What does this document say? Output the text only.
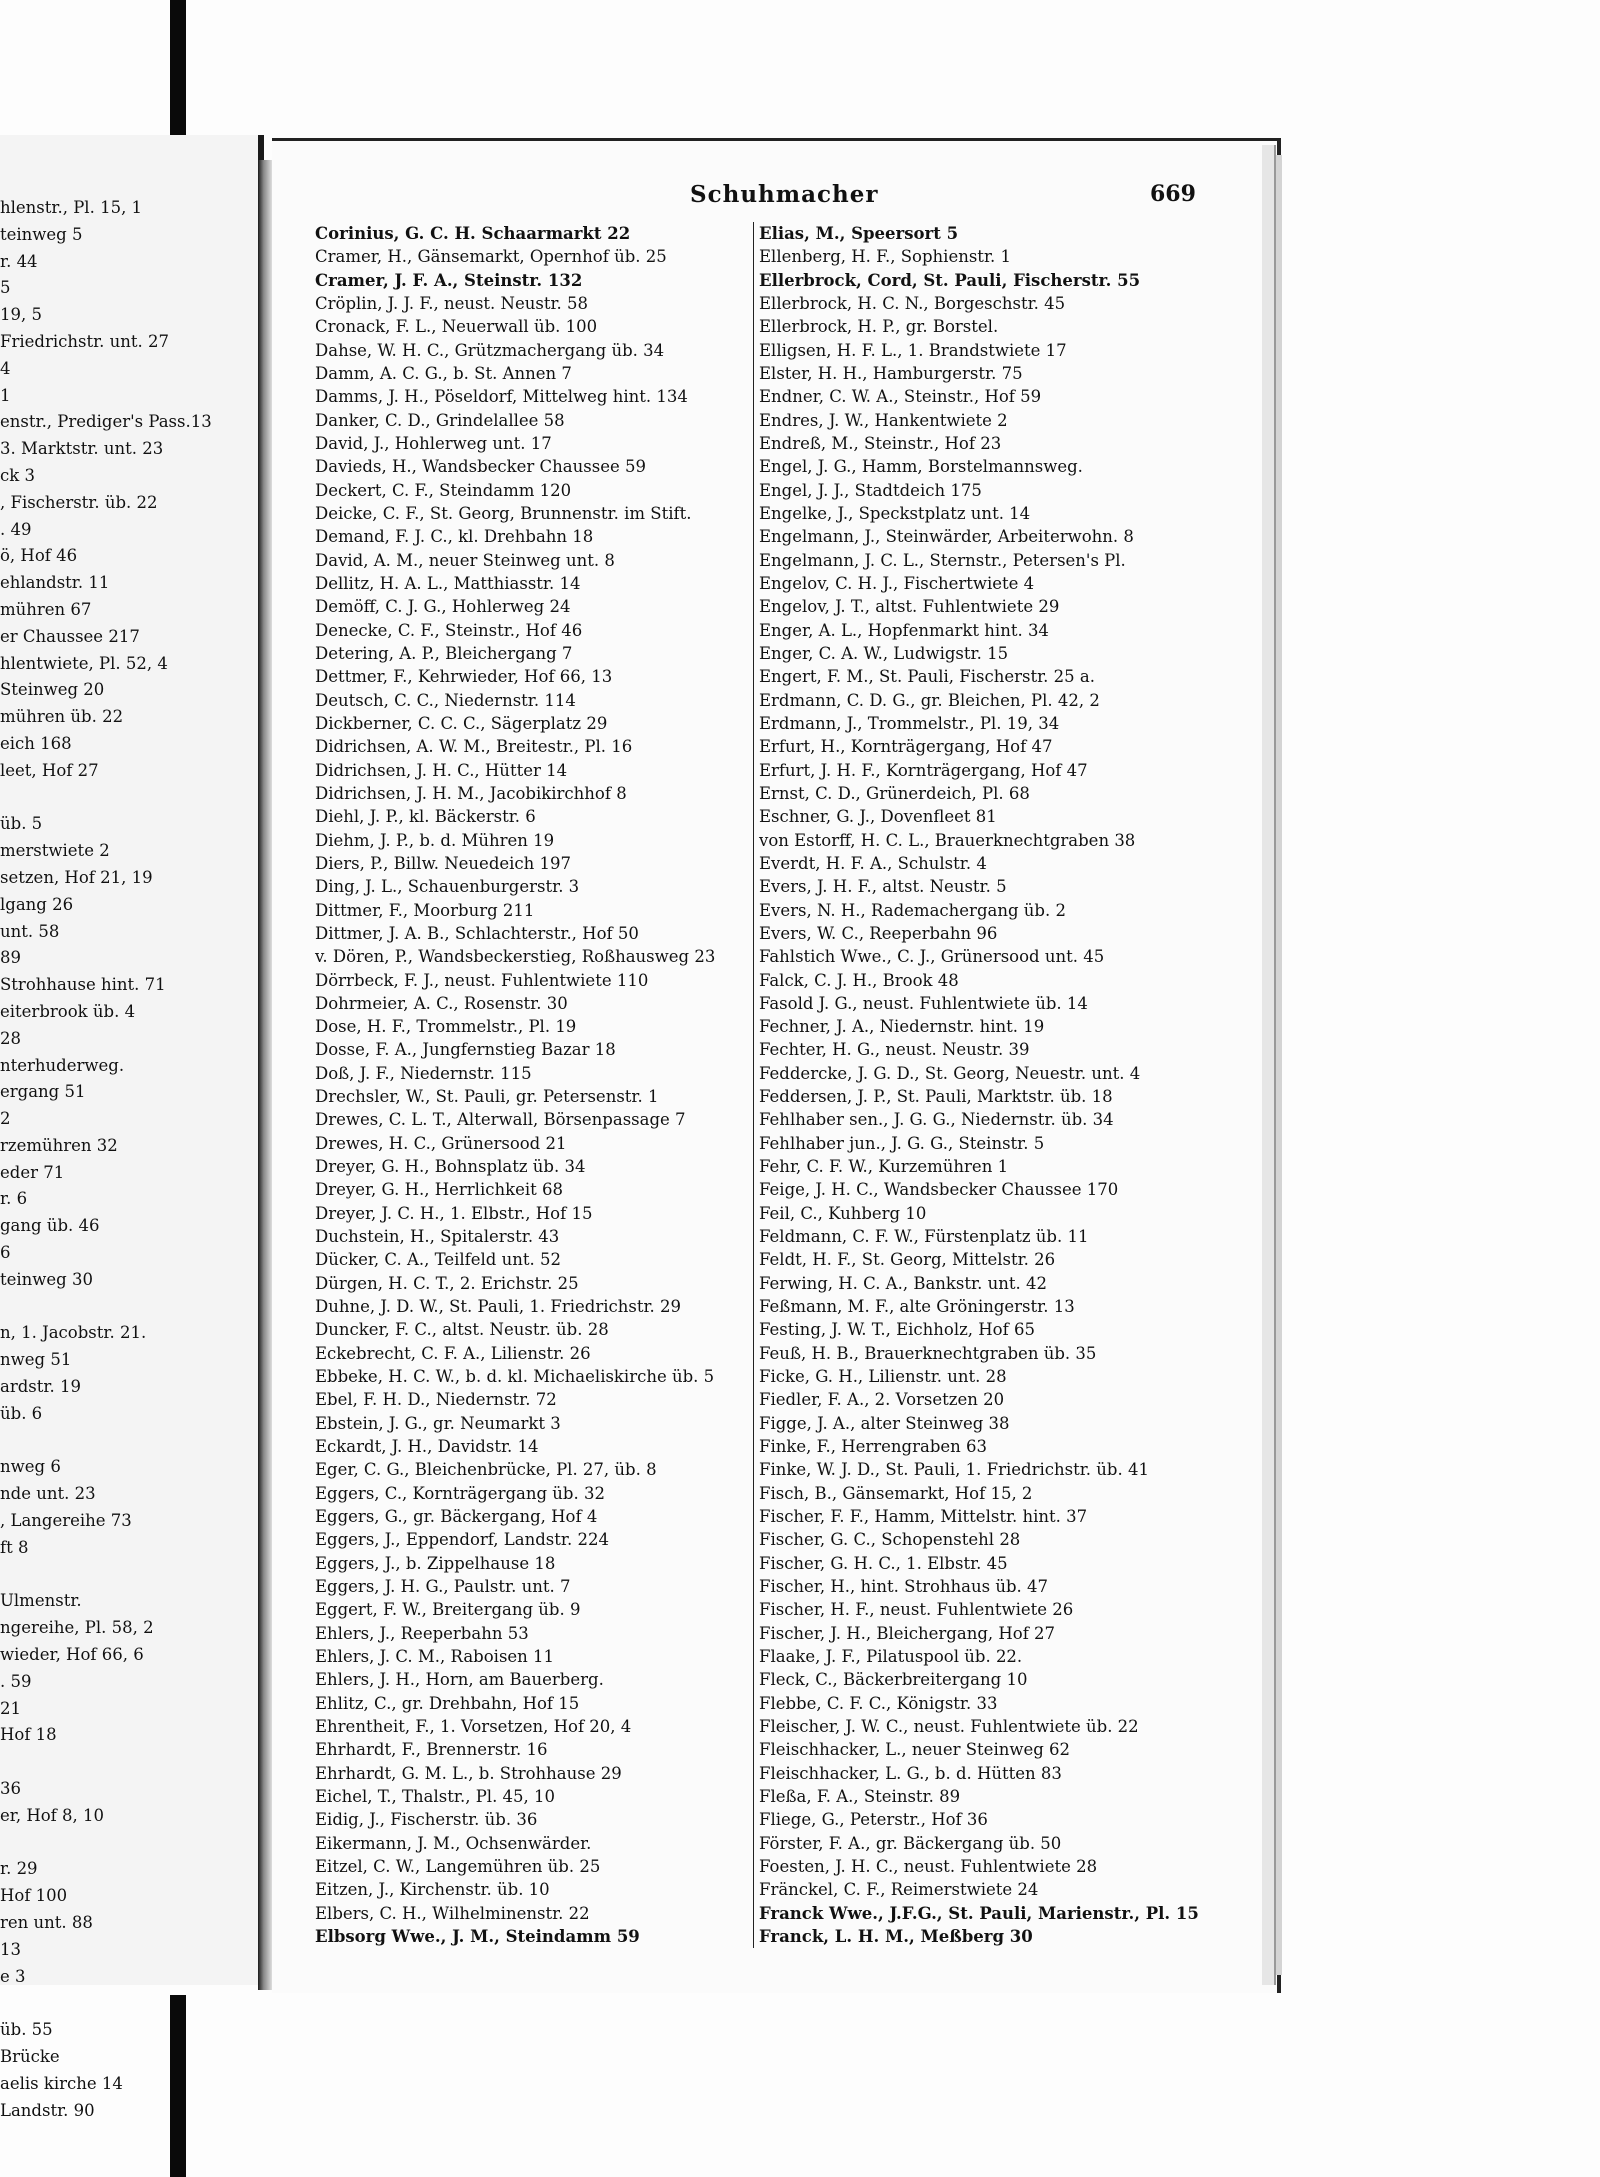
hlenstr., Pl. 15, 1
teinweg 5
r. 44
5
19, 5
Friedrichstr. unt. 27
4
1
enstr., Prediger's Pass.13
3. Marktstr. unt. 23
ck 3
, Fischerstr. üb. 22
. 49
ö, Hof 46
ehlandstr. 11
mühren 67
er Chaussee 217
hlentwiete, Pl. 52, 4
Steinweg 20
mühren üb. 22
eich 168
leet, Hof 27

üb. 5
merstwiete 2
setzen, Hof 21, 19
lgang 26
unt. 58
89
Strohhause hint. 71
eiterbrook üb. 4
28
nterhuderweg.
ergang 51
2
rzemühren 32
eder 71
r. 6
gang üb. 46
6
teinweg 30

n, 1. Jacobstr. 21.
nweg 51
ardstr. 19
üb. 6

nweg 6
nde unt. 23
, Langereihe 73
ft 8

Ulmenstr.
ngereihe, Pl. 58, 2
wieder, Hof 66, 6
. 59
21
Hof 18

36
er, Hof 8, 10

r. 29
Hof 100
ren unt. 88
13
e 3

üb. 55
Brücke
aelis kirche 14
Landstr. 90
Schuhmacher	669
Corinius, G. C. H. Schaarmarkt 22
Cramer, H., Gänsemarkt, Opernhof üb. 25
Cramer, J. F. A., Steinstr. 132
Cröplin, J. J. F., neust. Neustr. 58
Cronack, F. L., Neuerwall üb. 100
Dahse, W. H. C., Grützmachergang üb. 34
Damm, A. C. G., b. St. Annen 7
Damms, J. H., Pöseldorf, Mittelweg hint. 134
Danker, C. D., Grindelallee 58
David, J., Hohlerweg unt. 17
Davieds, H., Wandsbecker Chaussee 59
Deckert, C. F., Steindamm 120
Deicke, C. F., St. Georg, Brunnenstr. im Stift.
Demand, F. J. C., kl. Drehbahn 18
David, A. M., neuer Steinweg unt. 8
Dellitz, H. A. L., Matthiasstr. 14
Demöff, C. J. G., Hohlerweg 24
Denecke, C. F., Steinstr., Hof 46
Detering, A. P., Bleichergang 7
Dettmer, F., Kehrwieder, Hof 66, 13
Deutsch, C. C., Niedernstr. 114
Dickberner, C. C. C., Sägerplatz 29
Didrichsen, A. W. M., Breitestr., Pl. 16
Didrichsen, J. H. C., Hütter 14
Didrichsen, J. H. M., Jacobikirchhof 8
Diehl, J. P., kl. Bäckerstr. 6
Diehm, J. P., b. d. Mühren 19
Diers, P., Billw. Neuedeich 197
Ding, J. L., Schauenburgerstr. 3
Dittmer, F., Moorburg 211
Dittmer, J. A. B., Schlachterstr., Hof 50
v. Dören, P., Wandsbeckerstieg, Roßhausweg 23
Dörrbeck, F. J., neust. Fuhlentwiete 110
Dohrmeier, A. C., Rosenstr. 30
Dose, H. F., Trommelstr., Pl. 19
Dosse, F. A., Jungfernstieg Bazar 18
Doß, J. F., Niedernstr. 115
Drechsler, W., St. Pauli, gr. Petersenstr. 1
Drewes, C. L. T., Alterwall, Börsenpassage 7
Drewes, H. C., Grünersood 21
Dreyer, G. H., Bohnsplatz üb. 34
Dreyer, G. H., Herrlichkeit 68
Dreyer, J. C. H., 1. Elbstr., Hof 15
Duchstein, H., Spitalerstr. 43
Dücker, C. A., Teilfeld unt. 52
Dürgen, H. C. T., 2. Erichstr. 25
Duhne, J. D. W., St. Pauli, 1. Friedrichstr. 29
Duncker, F. C., altst. Neustr. üb. 28
Eckebrecht, C. F. A., Lilienstr. 26
Ebbeke, H. C. W., b. d. kl. Michaeliskirche üb. 5
Ebel, F. H. D., Niedernstr. 72
Ebstein, J. G., gr. Neumarkt 3
Eckardt, J. H., Davidstr. 14
Eger, C. G., Bleichenbrücke, Pl. 27, üb. 8
Eggers, C., Kornträgergang üb. 32
Eggers, G., gr. Bäckergang, Hof 4
Eggers, J., Eppendorf, Landstr. 224
Eggers, J., b. Zippelhause 18
Eggers, J. H. G., Paulstr. unt. 7
Eggert, F. W., Breitergang üb. 9
Ehlers, J., Reeperbahn 53
Ehlers, J. C. M., Raboisen 11
Ehlers, J. H., Horn, am Bauerberg.
Ehlitz, C., gr. Drehbahn, Hof 15
Ehrentheit, F., 1. Vorsetzen, Hof 20, 4
Ehrhardt, F., Brennerstr. 16
Ehrhardt, G. M. L., b. Strohhause 29
Eichel, T., Thalstr., Pl. 45, 10
Eidig, J., Fischerstr. üb. 36
Eikermann, J. M., Ochsenwärder.
Eitzel, C. W., Langemühren üb. 25
Eitzen, J., Kirchenstr. üb. 10
Elbers, C. H., Wilhelminenstr. 22
Elbsorg Wwe., J. M., Steindamm 59
Elias, M., Speersort 5
Ellenberg, H. F., Sophienstr. 1
Ellerbrock, Cord, St. Pauli, Fischerstr. 55
Ellerbrock, H. C. N., Borgeschstr. 45
Ellerbrock, H. P., gr. Borstel.
Elligsen, H. F. L., 1. Brandstwiete 17
Elster, H. H., Hamburgerstr. 75
Endner, C. W. A., Steinstr., Hof 59
Endres, J. W., Hankentwiete 2
Endreß, M., Steinstr., Hof 23
Engel, J. G., Hamm, Borstelmannsweg.
Engel, J. J., Stadtdeich 175
Engelke, J., Speckstplatz unt. 14
Engelmann, J., Steinwärder, Arbeiterwohn. 8
Engelmann, J. C. L., Sternstr., Petersen's Pl.
Engelov, C. H. J., Fischertwiete 4
Engelov, J. T., altst. Fuhlentwiete 29
Enger, A. L., Hopfenmarkt hint. 34
Enger, C. A. W., Ludwigstr. 15
Engert, F. M., St. Pauli, Fischerstr. 25 a.
Erdmann, C. D. G., gr. Bleichen, Pl. 42, 2
Erdmann, J., Trommelstr., Pl. 19, 34
Erfurt, H., Kornträgergang, Hof 47
Erfurt, J. H. F., Kornträgergang, Hof 47
Ernst, C. D., Grünerdeich, Pl. 68
Eschner, G. J., Dovenfleet 81
von Estorff, H. C. L., Brauerknechtgraben 38
Everdt, H. F. A., Schulstr. 4
Evers, J. H. F., altst. Neustr. 5
Evers, N. H., Rademachergang üb. 2
Evers, W. C., Reeperbahn 96
Fahlstich Wwe., C. J., Grünersood unt. 45
Falck, C. J. H., Brook 48
Fasold J. G., neust. Fuhlentwiete üb. 14
Fechner, J. A., Niedernstr. hint. 19
Fechter, H. G., neust. Neustr. 39
Feddercke, J. G. D., St. Georg, Neuestr. unt. 4
Feddersen, J. P., St. Pauli, Marktstr. üb. 18
Fehlhaber sen., J. G. G., Niedernstr. üb. 34
Fehlhaber jun., J. G. G., Steinstr. 5
Fehr, C. F. W., Kurzemühren 1
Feige, J. H. C., Wandsbecker Chaussee 170
Feil, C., Kuhberg 10
Feldmann, C. F. W., Fürstenplatz üb. 11
Feldt, H. F., St. Georg, Mittelstr. 26
Ferwing, H. C. A., Bankstr. unt. 42
Feßmann, M. F., alte Gröningerstr. 13
Festing, J. W. T., Eichholz, Hof 65
Feuß, H. B., Brauerknechtgraben üb. 35
Ficke, G. H., Lilienstr. unt. 28
Fiedler, F. A., 2. Vorsetzen 20
Figge, J. A., alter Steinweg 38
Finke, F., Herrengraben 63
Finke, W. J. D., St. Pauli, 1. Friedrichstr. üb. 41
Fisch, B., Gänsemarkt, Hof 15, 2
Fischer, F. F., Hamm, Mittelstr. hint. 37
Fischer, G. C., Schopenstehl 28
Fischer, G. H. C., 1. Elbstr. 45
Fischer, H., hint. Strohhaus üb. 47
Fischer, H. F., neust. Fuhlentwiete 26
Fischer, J. H., Bleichergang, Hof 27
Flaake, J. F., Pilatuspool üb. 22.
Fleck, C., Bäckerbreitergang 10
Flebbe, C. F. C., Königstr. 33
Fleischer, J. W. C., neust. Fuhlentwiete üb. 22
Fleischhacker, L., neuer Steinweg 62
Fleischhacker, L. G., b. d. Hütten 83
Fleßa, F. A., Steinstr. 89
Fliege, G., Peterstr., Hof 36
Förster, F. A., gr. Bäckergang üb. 50
Foesten, J. H. C., neust. Fuhlentwiete 28
Fränckel, C. F., Reimerstwiete 24
Franck Wwe., J.F.G., St. Pauli, Marienstr., Pl. 15
Franck, L. H. M., Meßberg 30
